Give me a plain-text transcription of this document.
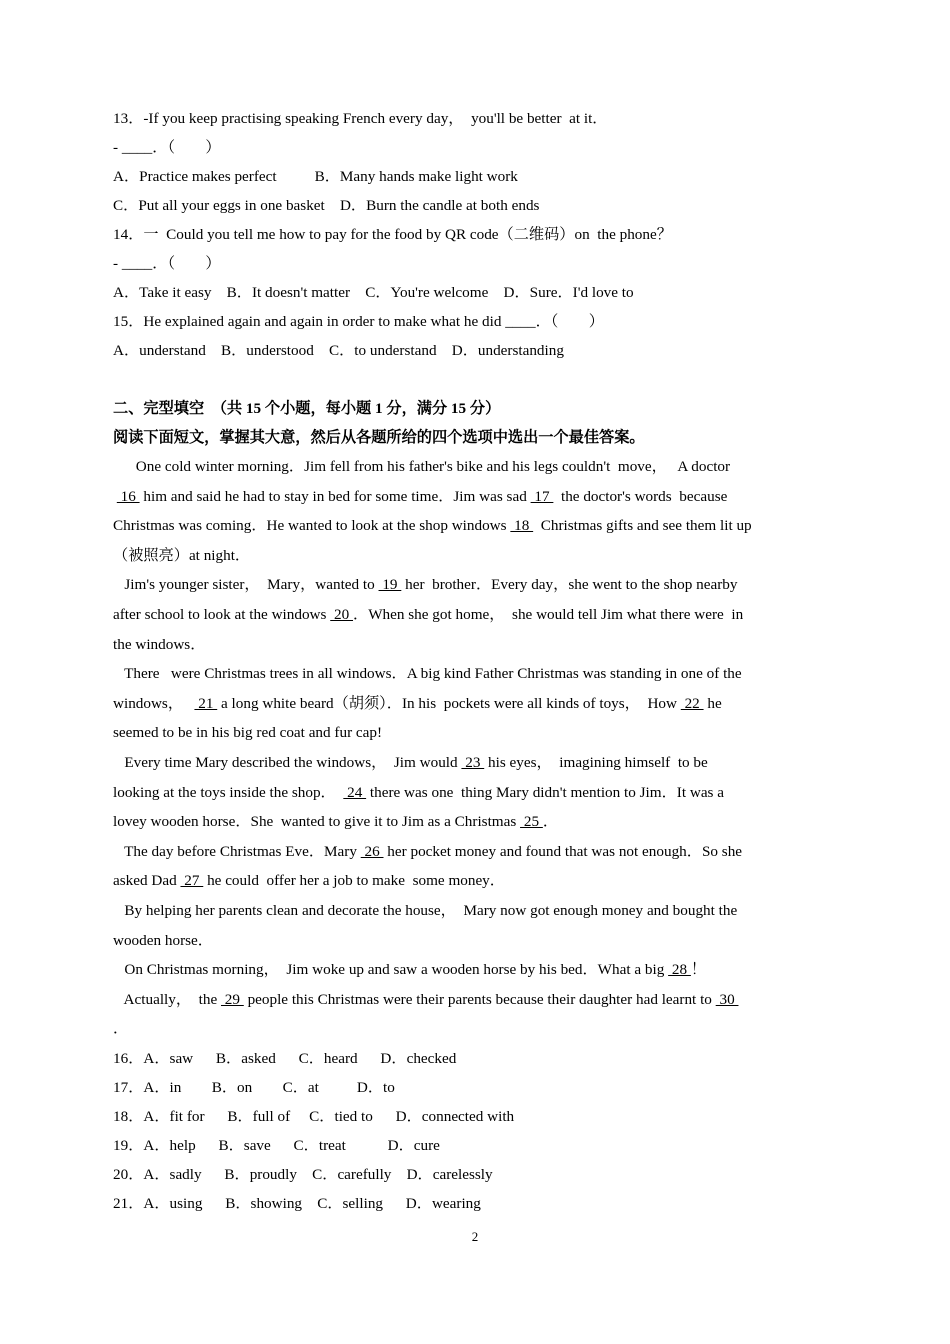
13．-If you keep practising speaking French every day，  you'll be better  at it．
- ____．（　　）
A．Practice makes perfect          B．Many hands make light work
C．Put all your eggs in one basket    D．Burn the candle at both ends
14．一  Could you tell me how to pay for the food by QR code（二维码）on  the phone？
- ____．（　　）
A．Take it easy    B．It doesn't matter    C．You're welcome    D．Sure．I'd love to
15．He explained again and again in order to make what he did ____．（　　）
A．understand    B．understood    C．to understand    D．understanding
二、完型填空  （共 15 个小题，每小题 1 分，满分 15 分）
阅读下面短文，掌握其大意，然后从各题所给的四个选项中选出一个最佳答案。
One cold winter morning．Jim fell from his father's bike and his legs couldn't  move，   A doctor
16  him and said he had to stay in bed for some time．Jim was sad  17   the doctor's words  because
Christmas was coming．He wanted to look at the shop windows  18   Christmas gifts and see them lit up
（被照亮）at night．
Jim's younger sister，  Mary，wanted to  19  her  brother．Every day，she went to the shop nearby
after school to look at the windows  20 ．When she got home，  she would tell Jim what there were  in
the windows．
There   were Christmas trees in all windows．A big kind Father Christmas was standing in one of the
windows，    21  a long white beard（胡须）．In his  pockets were all kinds of toys，  How  22  he
seemed to be in his big red coat and fur cap!
Every time Mary described the windows，  Jim would  23  his eyes，  imagining himself  to be
looking at the toys inside the shop．   24  there was one  thing Mary didn't mention to Jim．It was a
lovey wooden horse．She  wanted to give it to Jim as a Christmas  25 ．
The day before Christmas Eve．Mary  26  her pocket money and found that was not enough．So she
asked Dad  27  he could  offer her a job to make  some money．
By helping her parents clean and decorate the house，  Mary now got enough money and bought the
wooden horse．
On Christmas morning，  Jim woke up and saw a wooden horse by his bed．What a big  28 ！
Actually，  the  29  people this Christmas were their parents because their daughter had learnt to  30
．
16．A．saw      B．asked      C．heard      D．checked
17．A．in        B．on        C．at          D．to
18．A．fit for      B．full of     C．tied to      D．connected with
19．A．help      B．save      C．treat           D．cure
20．A．sadly      B．proudly    C．carefully    D．carelessly
21．A．using      B．showing    C．selling      D．wearing
2
